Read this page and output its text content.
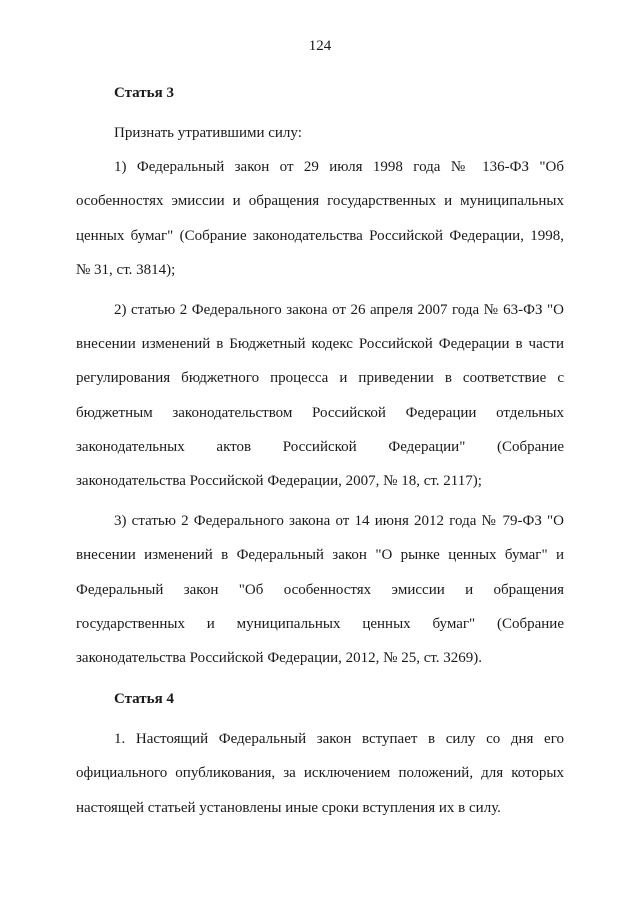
124

Статья 3

Признать утратившими силу:

1) Федеральный закон от 29 июля 1998 года № 136-ФЗ "Об особенностях эмиссии и обращения государственных и муниципальных ценных бумаг" (Собрание законодательства Российской Федерации, 1998, № 31, ст. 3814);

2) статью 2 Федерального закона от 26 апреля 2007 года № 63-ФЗ "О внесении изменений в Бюджетный кодекс Российской Федерации в части регулирования бюджетного процесса и приведении в соответствие с бюджетным законодательством Российской Федерации отдельных законодательных актов Российской Федерации" (Собрание законодательства Российской Федерации, 2007, № 18, ст. 2117);

3) статью 2 Федерального закона от 14 июня 2012 года № 79-ФЗ "О внесении изменений в Федеральный закон "О рынке ценных бумаг" и Федеральный закон "Об особенностях эмиссии и обращения государственных и муниципальных ценных бумаг" (Собрание законодательства Российской Федерации, 2012, № 25, ст. 3269).

Статья 4

1. Настоящий Федеральный закон вступает в силу со дня его официального опубликования, за исключением положений, для которых настоящей статьей установлены иные сроки вступления их в силу.
